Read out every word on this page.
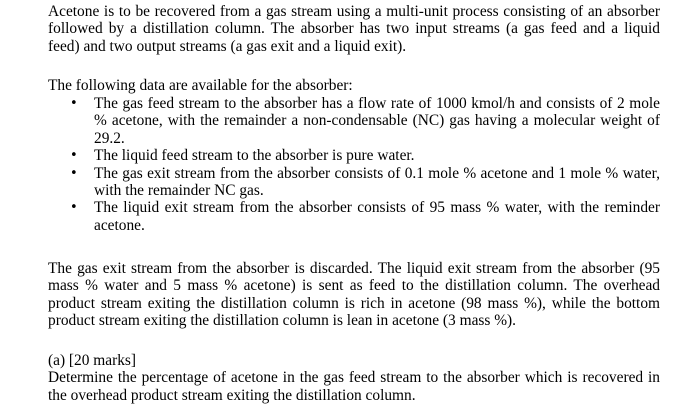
Acetone is to be recovered from a gas stream using a multi-unit process consisting of an absorber followed by a distillation column. The absorber has two input streams (a gas feed and a liquid feed) and two output streams (a gas exit and a liquid exit).

The following data are available for the absorber:

• The gas feed stream to the absorber has a flow rate of 1000 kmol/h and consists of 2 mole % acetone, with the remainder a non-condensable (NC) gas having a molecular weight of 29.2.
• The liquid feed stream to the absorber is pure water.
• The gas exit stream from the absorber consists of 0.1 mole % acetone and 1 mole % water, with the remainder NC gas.
• The liquid exit stream from the absorber consists of 95 mass % water, with the reminder acetone.

The gas exit stream from the absorber is discarded. The liquid exit stream from the absorber (95 mass % water and 5 mass % acetone) is sent as feed to the distillation column. The overhead product stream exiting the distillation column is rich in acetone (98 mass %), while the bottom product stream exiting the distillation column is lean in acetone (3 mass %).

(a) [20 marks]
Determine the percentage of acetone in the gas feed stream to the absorber which is recovered in the overhead product stream exiting the distillation column.
